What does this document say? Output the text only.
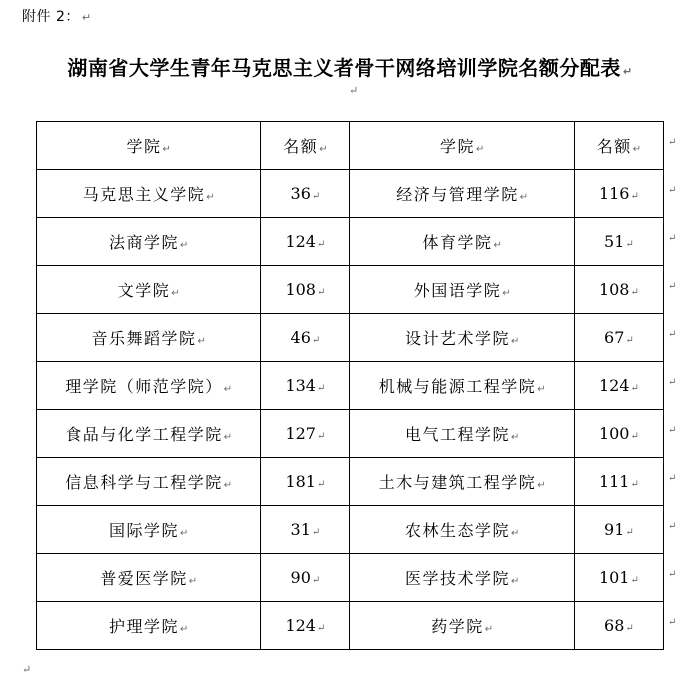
附件 2： ↵
湖南省大学生青年马克思主义者骨干网络培训学院名额分配表 ↵
↵
学院↵	名额↵	学院↵	名额↵
马克思主义学院↵	36↵	经济与管理学院↵	116↵
法商学院↵	124↵	体育学院↵	51↵
文学院↵	108↵	外国语学院↵	108↵
音乐舞蹈学院↵	46↵	设计艺术学院↵	67↵
理学院（师范学院）↵	134↵	机械与能源工程学院↵	124↵
食品与化学工程学院↵	127↵	电气工程学院↵	100↵
信息科学与工程学院↵	181↵	土木与建筑工程学院↵	111↵
国际学院↵	31↵	农林生态学院↵	91↵
普爱医学院↵	90↵	医学技术学院↵	101↵
护理学院↵	124↵	药学院↵	68↵
↵
↵
↵
↵
↵
↵
↵
↵
↵
↵
↵
↵
